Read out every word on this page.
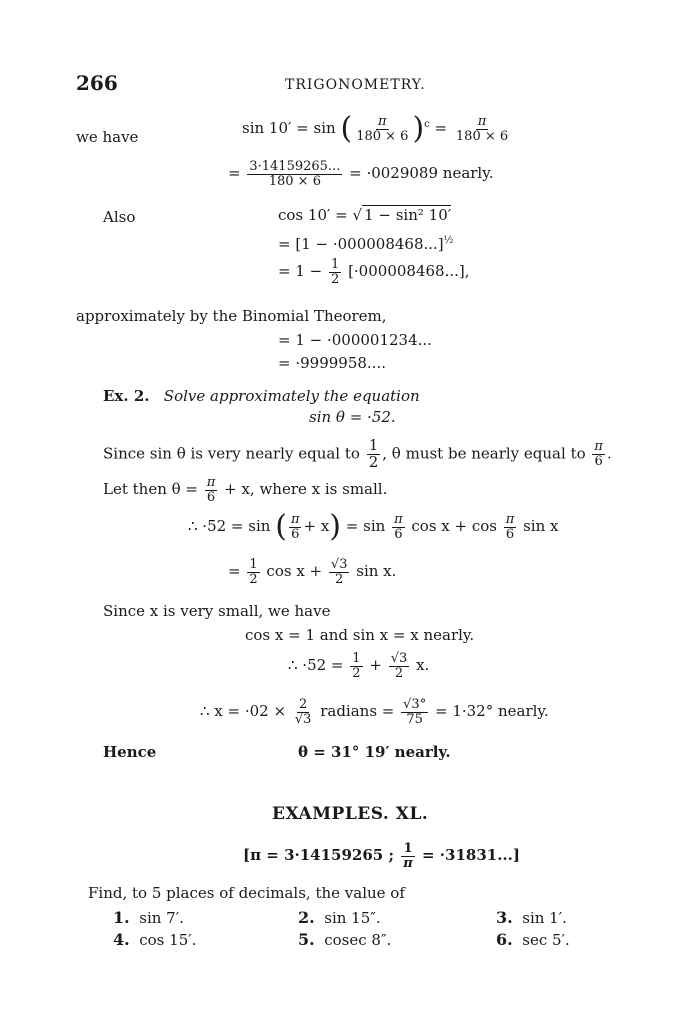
266	TRIGONOMETRY.
we have	sin 10′ = sin ( $\frac{\pi}{180 \times 6} )^c = \frac{\pi}{180 \times 6}$
= $\frac{3\cdot 14159265...}{180 \times 6} = \cdot 0029089$ nearly.
Also	cos 10′ = √ 1 − sin² 10′
= $[1 - \cdot 000008468...]^{\frac{1}{2}}$
= $1 - \frac{1}{2} [\cdot 000008468...]$,
approximately by the Binomial Theorem,
= 1 − ·000001234...
= ·9999958....
Ex. 2. Solve approximately the equation
sin θ = ·52.
Since sin θ is very nearly equal to $\frac{1}{2}$ , θ must be nearly equal to $\frac{\pi}{6}$ .
Let then $\theta = \frac{\pi}{6} + x$, where x is small.
∴ ·52 = sin ( $\frac{\pi}{6} + x) = \sin \frac{\pi}{6}$ $\cos x + \cos \frac{\pi}{6}$ sin x
= $\frac{1}{2}$ $\cos x + \frac{√3}{2}$ sin x.
Since x is very small, we have
cos x = 1 and sin x = x nearly.
∴ $\cdot 52 = \frac{1}{2} + \frac{√3}{2} x$.
∴ $x = \cdot 02 \times \frac{2}{√3}$ radians = $\frac{√3^\circ}{75} = 1\cdot 32^\circ$ nearly.
Hence	θ = 31° 19′ nearly.
EXAMPLES. XL.
[π = 3·14159265 ; $\frac{1}{\pi} = \cdot 31831$...]
Find, to 5 places of decimals, the value of
1. sin 7′.	2. sin 15″.	3. sin 1′.
4. cos 15′.	5. cosec 8″.	6. sec 5′.
